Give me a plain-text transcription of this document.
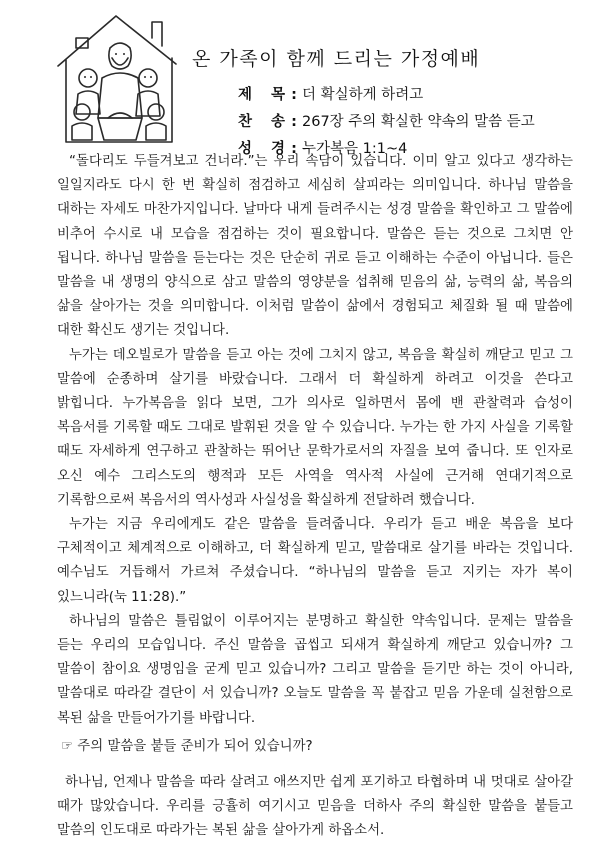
온 가족이 함께 드리는 가정예배
제 목: 더 확실하게 하려고
찬 송: 267장 주의 확실한 약속의 말씀 듣고
성 경: 누가복음 1:1~4

“돌다리도 두들겨보고 건너라.”는 우리 속담이 있습니다. 이미 알고 있다고 생각하는 일일지라도 다시 한 번 확실히 점검하고 세심히 살피라는 의미입니다. 하나님 말씀을 대하는 자세도 마찬가지입니다. 날마다 내게 들려주시는 성경 말씀을 확인하고 그 말씀에 비추어 수시로 내 모습을 점검하는 것이 필요합니다. 말씀은 듣는 것으로 그치면 안 됩니다. 하나님 말씀을 듣는다는 것은 단순히 귀로 듣고 이해하는 수준이 아닙니다. 들은 말씀을 내 생명의 양식으로 삼고 말씀의 영양분을 섭취해 믿음의 삶, 능력의 삶, 복음의 삶을 살아가는 것을 의미합니다. 이처럼 말씀이 삶에서 경험되고 체질화 될 때 말씀에 대한 확신도 생기는 것입니다.

누가는 데오빌로가 말씀을 듣고 아는 것에 그치지 않고, 복음을 확실히 깨닫고 믿고 그 말씀에 순종하며 살기를 바랐습니다. 그래서 더 확실하게 하려고 이것을 쓴다고 밝힙니다. 누가복음을 읽다 보면, 그가 의사로 일하면서 몸에 밴 관찰력과 습성이 복음서를 기록할 때도 그대로 발휘된 것을 알 수 있습니다. 누가는 한 가지 사실을 기록할 때도 자세하게 연구하고 관찰하는 뛰어난 문학가로서의 자질을 보여 줍니다. 또 인자로 오신 예수 그리스도의 행적과 모든 사역을 역사적 사실에 근거해 연대기적으로 기록함으로써 복음서의 역사성과 사실성을 확실하게 전달하려 했습니다.

누가는 지금 우리에게도 같은 말씀을 들려줍니다. 우리가 듣고 배운 복음을 보다 구체적이고 체계적으로 이해하고, 더 확실하게 믿고, 말씀대로 살기를 바라는 것입니다. 예수님도 거듭해서 가르쳐 주셨습니다. “하나님의 말씀을 듣고 지키는 자가 복이 있느니라(눅 11:28).”

하나님의 말씀은 틀림없이 이루어지는 분명하고 확실한 약속입니다. 문제는 말씀을 듣는 우리의 모습입니다. 주신 말씀을 곱씹고 되새겨 확실하게 깨닫고 있습니까? 그 말씀이 참이요 생명임을 굳게 믿고 있습니까? 그리고 말씀을 듣기만 하는 것이 아니라, 말씀대로 따라갈 결단이 서 있습니까? 오늘도 말씀을 꼭 붙잡고 믿음 가운데 실천함으로 복된 삶을 만들어가기를 바랍니다.

☞ 주의 말씀을 붙들 준비가 되어 있습니까?

하나님, 언제나 말씀을 따라 살려고 애쓰지만 쉽게 포기하고 타협하며 내 멋대로 살아갈 때가 많았습니다. 우리를 긍휼히 여기시고 믿음을 더하사 주의 확실한 말씀을 붙들고 말씀의 인도대로 따라가는 복된 삶을 살아가게 하옵소서.
